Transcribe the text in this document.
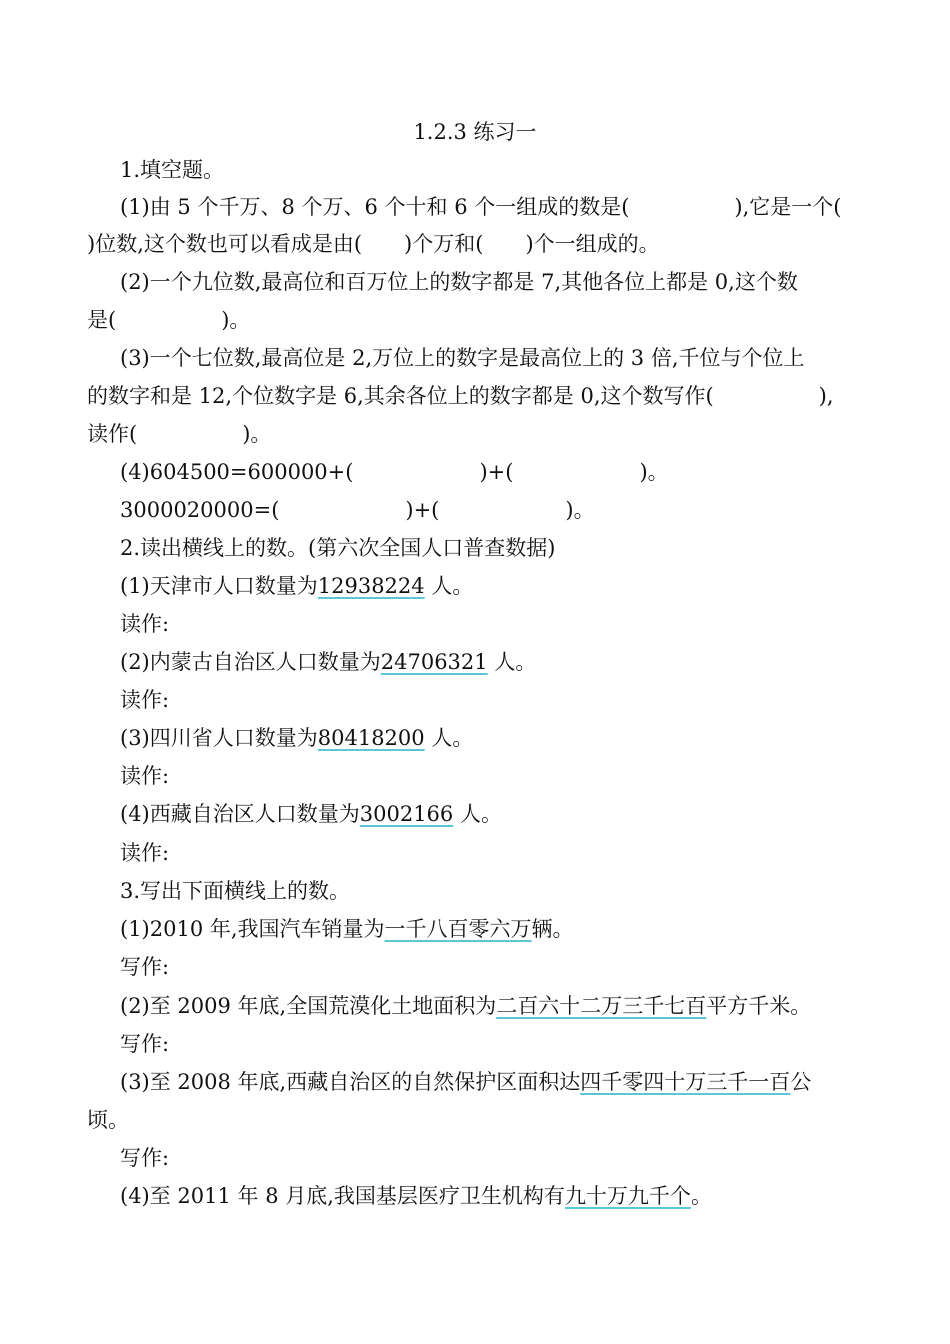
1.2.3 练习一
1.填空题。
(1)由 5 个千万、8 个万、6 个十和 6 个一组成的数是(　　　　　),它是一个(
)位数,这个数也可以看成是由(　　)个万和(　　)个一组成的。
(2)一个九位数,最高位和百万位上的数字都是 7,其他各位上都是 0,这个数
是(　　　　　)。
(3)一个七位数,最高位是 2,万位上的数字是最高位上的 3 倍,千位与个位上
的数字和是 12,个位数字是 6,其余各位上的数字都是 0,这个数写作(　　　　　),
读作(　　　　　)。
(4)604500=600000+(　　　　　　)+(　　　　　　)。
3000020000=(　　　　　　)+(　　　　　　)。
2.读出横线上的数。(第六次全国人口普查数据)
(1)天津市人口数量为12938224 人。
读作:
(2)内蒙古自治区人口数量为24706321 人。
读作:
(3)四川省人口数量为80418200 人。
读作:
(4)西藏自治区人口数量为3002166 人。
读作:
3.写出下面横线上的数。
(1)2010 年,我国汽车销量为一千八百零六万辆。
写作:
(2)至 2009 年底,全国荒漠化土地面积为二百六十二万三千七百平方千米。
写作:
(3)至 2008 年底,西藏自治区的自然保护区面积达四千零四十万三千一百公
顷。
写作:
(4)至 2011 年 8 月底,我国基层医疗卫生机构有九十万九千个。
